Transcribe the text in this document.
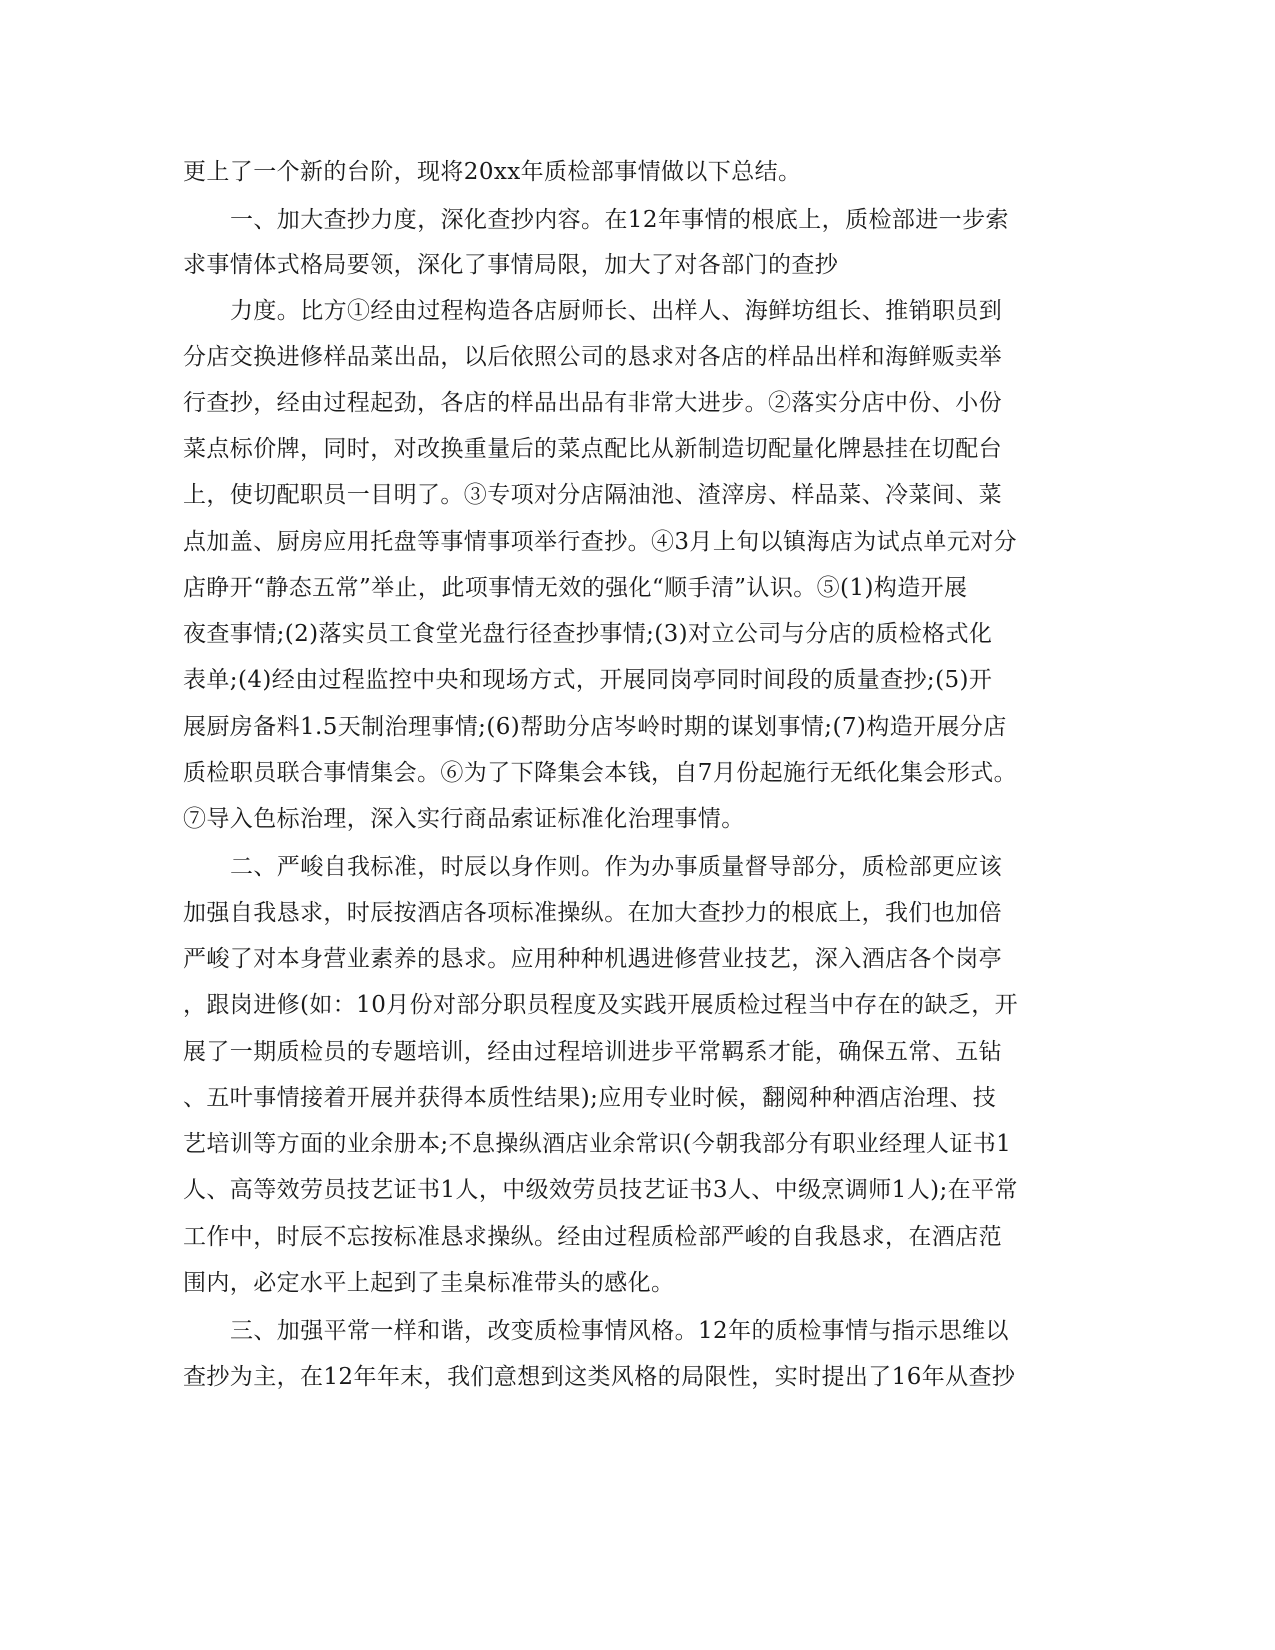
更上了一个新的台阶，现将20xx年质检部事情做以下总结。
一、加大查抄力度，深化查抄内容。在12年事情的根底上，质检部进一步索
求事情体式格局要领，深化了事情局限，加大了对各部门的查抄
力度。比方①经由过程构造各店厨师长、出样人、海鲜坊组长、推销职员到
分店交换进修样品菜出品，以后依照公司的恳求对各店的样品出样和海鲜贩卖举
行查抄，经由过程起劲，各店的样品出品有非常大进步。②落实分店中份、小份
菜点标价牌，同时，对改换重量后的菜点配比从新制造切配量化牌悬挂在切配台
上，使切配职员一目明了。③专项对分店隔油池、渣滓房、样品菜、冷菜间、菜
点加盖、厨房应用托盘等事情事项举行查抄。④3月上旬以镇海店为试点单元对分
店睁开“静态五常”举止，此项事情无效的强化“顺手清”认识。⑤(1)构造开展
夜查事情;(2)落实员工食堂光盘行径查抄事情;(3)对立公司与分店的质检格式化
表单;(4)经由过程监控中央和现场方式，开展同岗亭同时间段的质量查抄;(5)开
展厨房备料1.5天制治理事情;(6)帮助分店岑岭时期的谋划事情;(7)构造开展分店
质检职员联合事情集会。⑥为了下降集会本钱，自7月份起施行无纸化集会形式。
⑦导入色标治理，深入实行商品索证标准化治理事情。
二、严峻自我标准，时辰以身作则。作为办事质量督导部分，质检部更应该
加强自我恳求，时辰按酒店各项标准操纵。在加大查抄力的根底上，我们也加倍
严峻了对本身营业素养的恳求。应用种种机遇进修营业技艺，深入酒店各个岗亭
，跟岗进修(如：10月份对部分职员程度及实践开展质检过程当中存在的缺乏，开
展了一期质检员的专题培训，经由过程培训进步平常羁系才能，确保五常、五钻
、五叶事情接着开展并获得本质性结果);应用专业时候，翻阅种种酒店治理、技
艺培训等方面的业余册本;不息操纵酒店业余常识(今朝我部分有职业经理人证书1
人、高等效劳员技艺证书1人，中级效劳员技艺证书3人、中级烹调师1人);在平常
工作中，时辰不忘按标准恳求操纵。经由过程质检部严峻的自我恳求，在酒店范
围内，必定水平上起到了圭臬标准带头的感化。
三、加强平常一样和谐，改变质检事情风格。12年的质检事情与指示思维以
查抄为主，在12年年末，我们意想到这类风格的局限性，实时提出了16年从查抄
